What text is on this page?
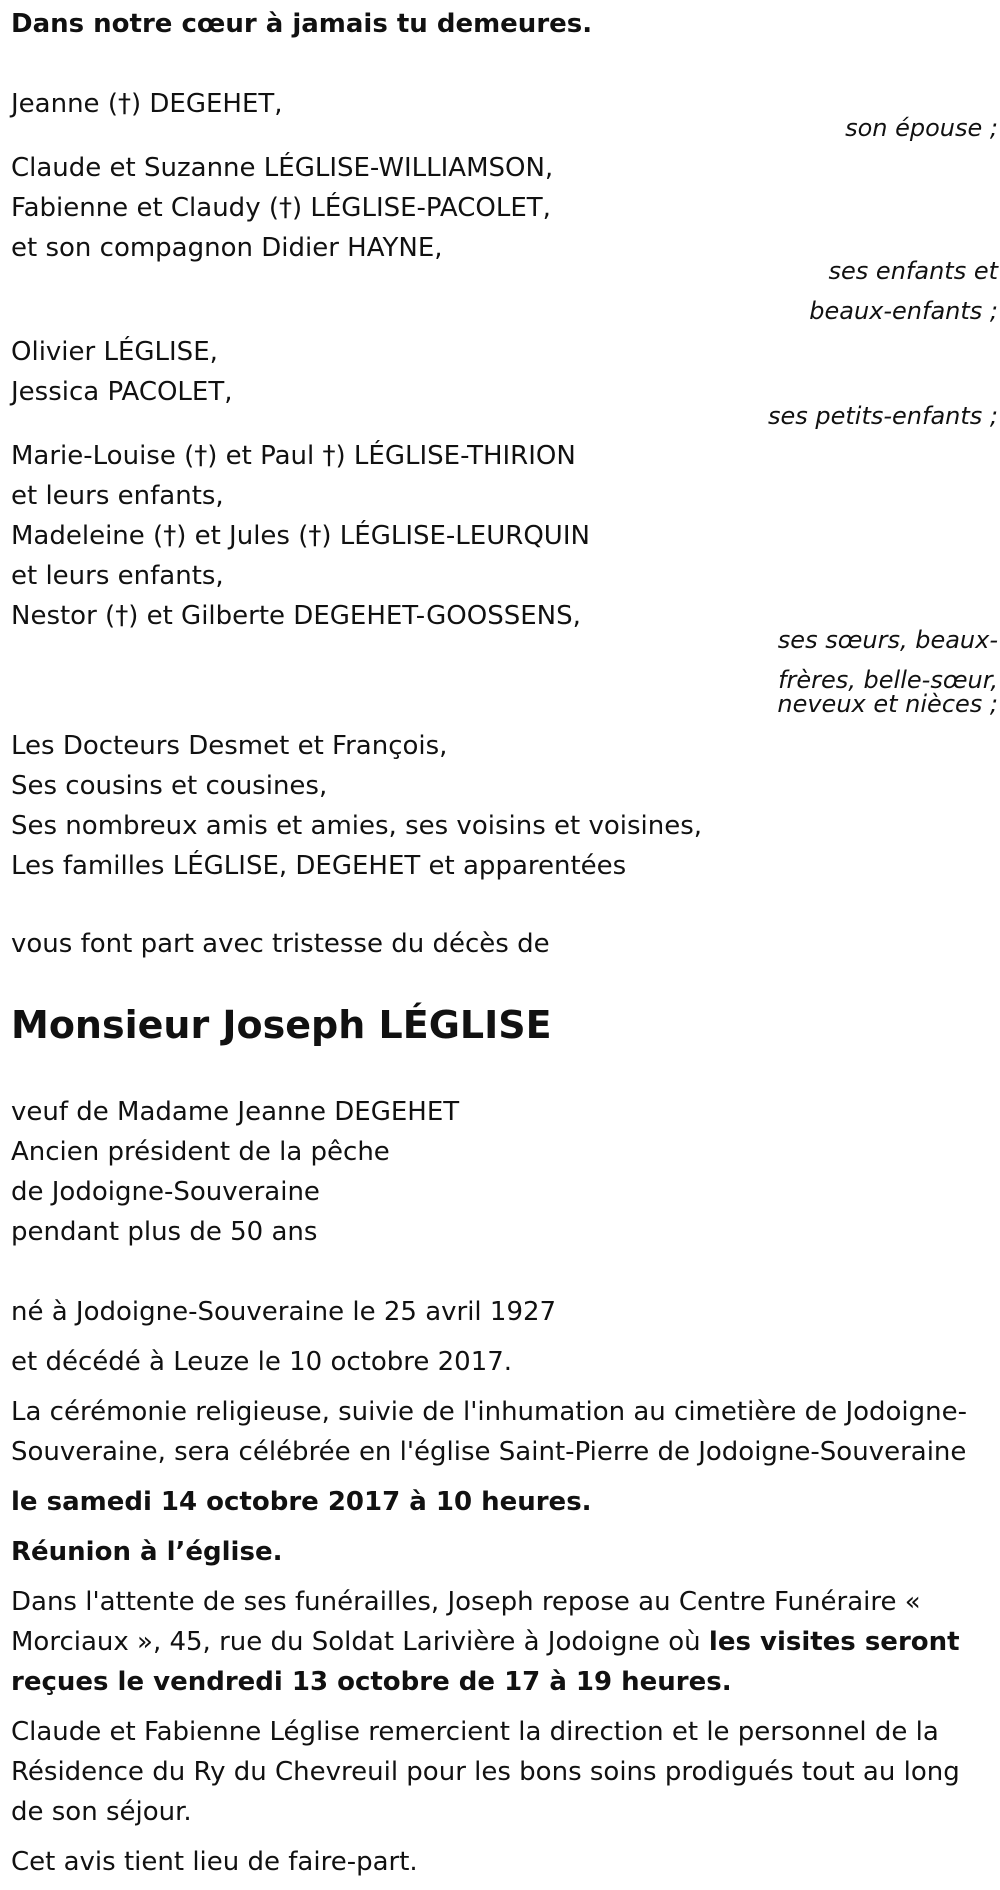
Dans notre cœur à jamais tu demeures.

Jeanne (†) DEGEHET,

son épouse ;

Claude et Suzanne LÉGLISE-WILLIAMSON,

Fabienne et Claudy (†) LÉGLISE-PACOLET,

et son compagnon Didier HAYNE,

ses enfants et

beaux-enfants ;

Olivier LÉGLISE,

Jessica PACOLET,

ses petits-enfants ;

Marie-Louise (†) et Paul †) LÉGLISE-THIRION

et leurs enfants,

Madeleine (†) et Jules (†) LÉGLISE-LEURQUIN

et leurs enfants,

Nestor (†) et Gilberte DEGEHET-GOOSSENS,

ses sœurs, beaux-

frères, belle-sœur,

neveux et nièces ;

Les Docteurs Desmet et François,

Ses cousins et cousines,

Ses nombreux amis et amies, ses voisins et voisines,

Les familles LÉGLISE, DEGEHET et apparentées

vous font part avec tristesse du décès de

Monsieur Joseph LÉGLISE

veuf de Madame Jeanne DEGEHET

Ancien président de la pêche

de Jodoigne-Souveraine

pendant plus de 50 ans

né à Jodoigne-Souveraine le 25 avril 1927

et décédé à Leuze le 10 octobre 2017.

La cérémonie religieuse, suivie de l'inhumation au cimetière de Jodoigne-

Souveraine, sera célébrée en l'église Saint-Pierre de Jodoigne-Souveraine

le samedi 14 octobre 2017 à 10 heures.

Réunion à l’église.

Dans l'attente de ses funérailles, Joseph repose au Centre Funéraire «

Morciaux », 45, rue du Soldat Larivière à Jodoigne où les visites seront

reçues le vendredi 13 octobre de 17 à 19 heures.

Claude et Fabienne Léglise remercient la direction et le personnel de la

Résidence du Ry du Chevreuil pour les bons soins prodigués tout au long

de son séjour.

Cet avis tient lieu de faire-part.
